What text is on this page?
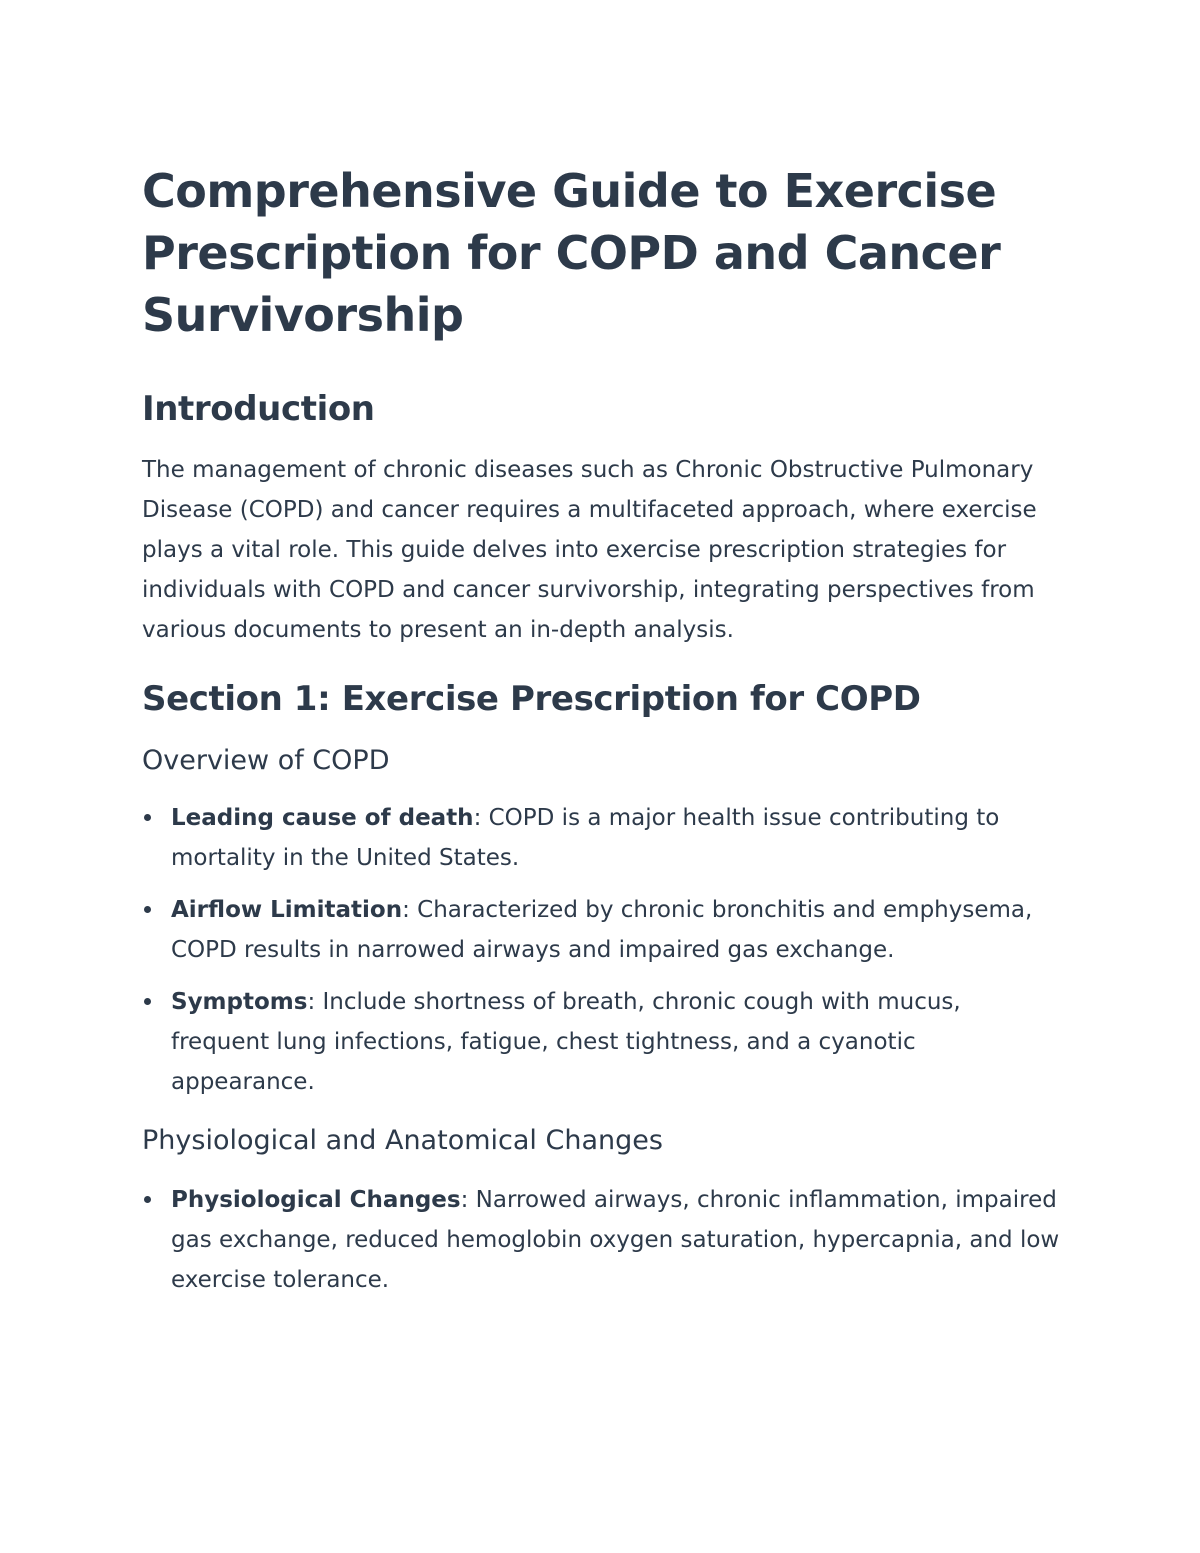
Comprehensive Guide to Exercise Prescription for COPD and Cancer Survivorship
Introduction

The management of chronic diseases such as Chronic Obstructive Pulmonary Disease (COPD) and cancer requires a multifaceted approach, where exercise plays a vital role. This guide delves into exercise prescription strategies for individuals with COPD and cancer survivorship, integrating perspectives from various documents to present an in-depth analysis.

Section 1: Exercise Prescription for COPD
Overview of COPD
Leading cause of death: COPD is a major health issue contributing to mortality in the United States.
Airflow Limitation: Characterized by chronic bronchitis and emphysema, COPD results in narrowed airways and impaired gas exchange.
Symptoms: Include shortness of breath, chronic cough with mucus, frequent lung infections, fatigue, chest tightness, and a cyanotic appearance.
Physiological and Anatomical Changes
Physiological Changes: Narrowed airways, chronic inflammation, impaired gas exchange, reduced hemoglobin oxygen saturation, hypercapnia, and low exercise tolerance.
